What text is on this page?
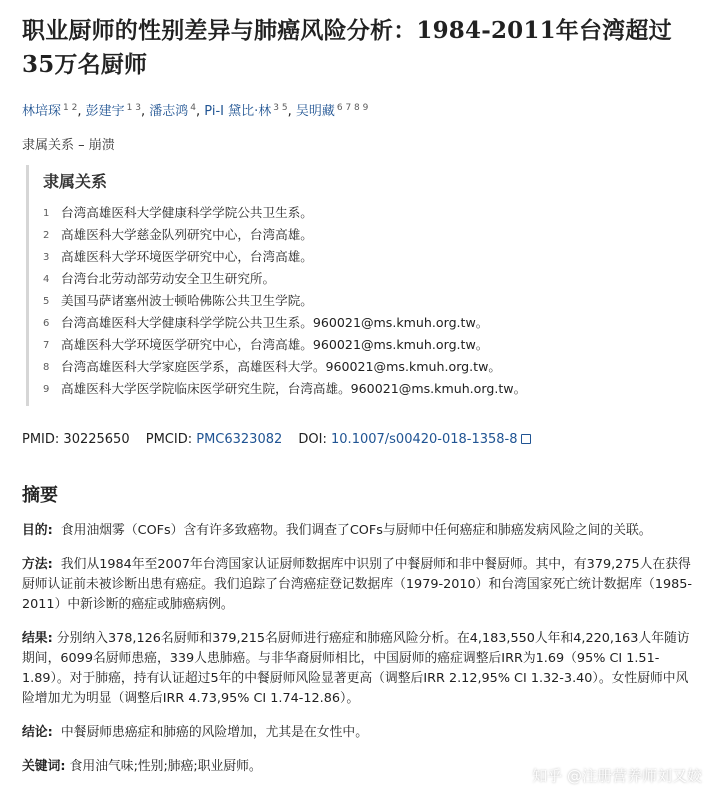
职业厨师的性别差异与肺癌风险分析：1984-2011年台湾超过35万名厨师
林培琛 $^{1 2}$, 彭建宇 $^{1 3}$, 潘志鸿 $^4$, Pi-I 黛比·林 $^{3 5}$, 吴明藏 $^{6 7 8 9}$
隶属关系 – 崩溃
隶属关系
1 台湾高雄医科大学健康科学学院公共卫生系。
2 高雄医科大学慈金队列研究中心，台湾高雄。
3 高雄医科大学环境医学研究中心，台湾高雄。
4 台湾台北劳动部劳动安全卫生研究所。
5 美国马萨诸塞州波士顿哈佛陈公共卫生学院。
6 台湾高雄医科大学健康科学学院公共卫生系。960021@ms.kmuh.org.tw。
7 高雄医科大学环境医学研究中心，台湾高雄。960021@ms.kmuh.org.tw。
8 台湾高雄医科大学家庭医学系，高雄医科大学。960021@ms.kmuh.org.tw。
9 高雄医科大学医学院临床医学研究生院，台湾高雄。960021@ms.kmuh.org.tw。
PMID: 30225650 PMCID: PMC6323082 DOI: 10.1007/s00420-018-1358-8
摘要
目的: 食用油烟雾（COFs）含有许多致癌物。我们调查了COFs与厨师中任何癌症和肺癌发病风险之间的关联。
方法: 我们从1984年至2007年台湾国家认证厨师数据库中识别了中餐厨师和非中餐厨师。其中，有379,275人在获得厨师认证前未被诊断出患有癌症。我们追踪了台湾癌症登记数据库（1979-2010）和台湾国家死亡统计数据库（1985-2011）中新诊断的癌症或肺癌病例。
结果: 分别纳入378,126名厨师和379,215名厨师进行癌症和肺癌风险分析。在4,183,550人年和4,220,163人年随访期间，6099名厨师患癌，339人患肺癌。与非华裔厨师相比，中国厨师的癌症调整后IRR为1.69（95% CI 1.51-1.89）。对于肺癌，持有认证超过5年的中餐厨师风险显著更高（调整后IRR 2.12,95% CI 1.32-3.40）。女性厨师中风险增加尤为明显（调整后IRR 4.73,95% CI 1.74-12.86）。
结论: 中餐厨师患癌症和肺癌的风险增加，尤其是在女性中。
关键词: 食用油气味;性别;肺癌;职业厨师。
知乎 @注册营养师刘又姣
